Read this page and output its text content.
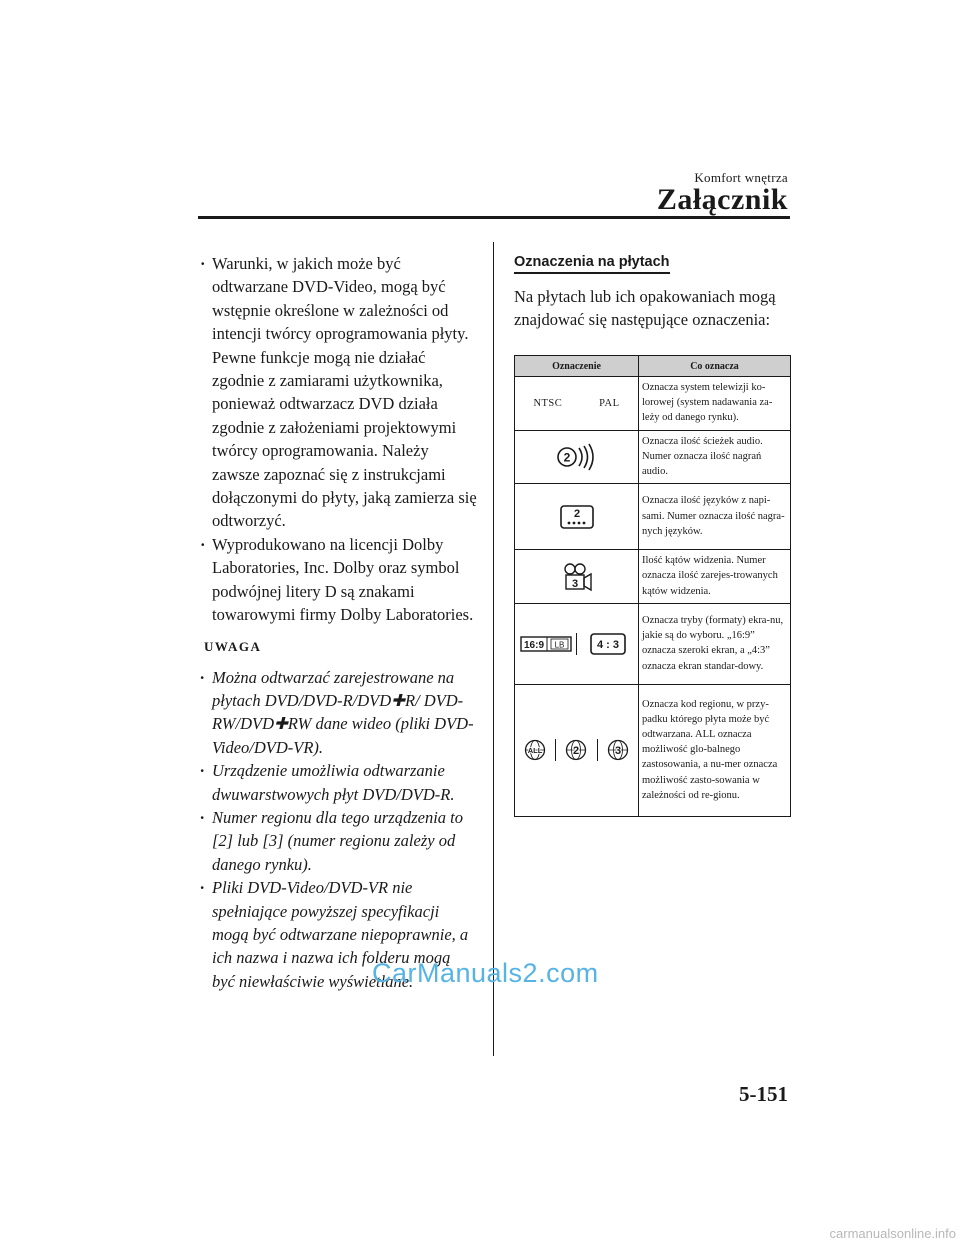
Komfort wnętrza
Załącznik
· Warunki, w jakich może być odtwarzane DVD-Video, mogą być wstępnie określone w zależności od intencji twórcy oprogramowania płyty. Pewne funkcje mogą nie działać zgodnie z zamiarami użytkownika, ponieważ odtwarzacz DVD działa zgodnie z założeniami projektowymi twórcy oprogramowania. Należy zawsze zapoznać się z instrukcjami dołączonymi do płyty, jaką zamierza się odtworzyć.
· Wyprodukowano na licencji Dolby Laboratories, Inc. Dolby oraz symbol podwójnej litery D są znakami towarowymi firmy Dolby Laboratories.
UWAGA
· Można odtwarzać zarejestrowane na płytach DVD/DVD-R/DVD✚R/ DVD-RW/DVD✚RW dane wideo (pliki DVD-Video/DVD-VR).
· Urządzenie umożliwia odtwarzanie dwuwarstwowych płyt DVD/DVD-R.
· Numer regionu dla tego urządzenia to [2] lub [3] (numer regionu zależy od danego rynku).
· Pliki DVD-Video/DVD-VR nie spełniające powyższej specyfikacji mogą być odtwarzane niepoprawnie, a ich nazwa i nazwa ich folderu mogą być niewłaściwie wyświetlane.
Oznaczenia na płytach
Na płytach lub ich opakowaniach mogą znajdować się następujące oznaczenia:
Oznaczenie	Co oznacza

NTSC PAL	Oznacza system telewizji ko-lorowej (system nadawania za-leży od danego rynku).

2	Oznacza ilość ścieżek audio. Numer oznacza ilość nagrań audio.

2	Oznacza ilość języków z napi-sami. Numer oznacza ilość nagra-nych języków.

3	Ilość kątów widzenia. Numer oznacza ilość zarejes-trowanych kątów widzenia.

16:9 LB 4 : 3	Oznacza tryby (formaty) ekra-nu, jakie są do wyboru. „16:9” oznacza szeroki ekran, a „4:3” oznacza ekran standar-dowy.

ALL 2 3	Oznacza kod regionu, w przy-padku którego płyta może być odtwarzana. ALL oznacza możliwość glo-balnego zastosowania, a nu-mer oznacza możliwość zasto-sowania w zależności od re-gionu.
CarManuals2.com
5-151
carmanualsonline.info
